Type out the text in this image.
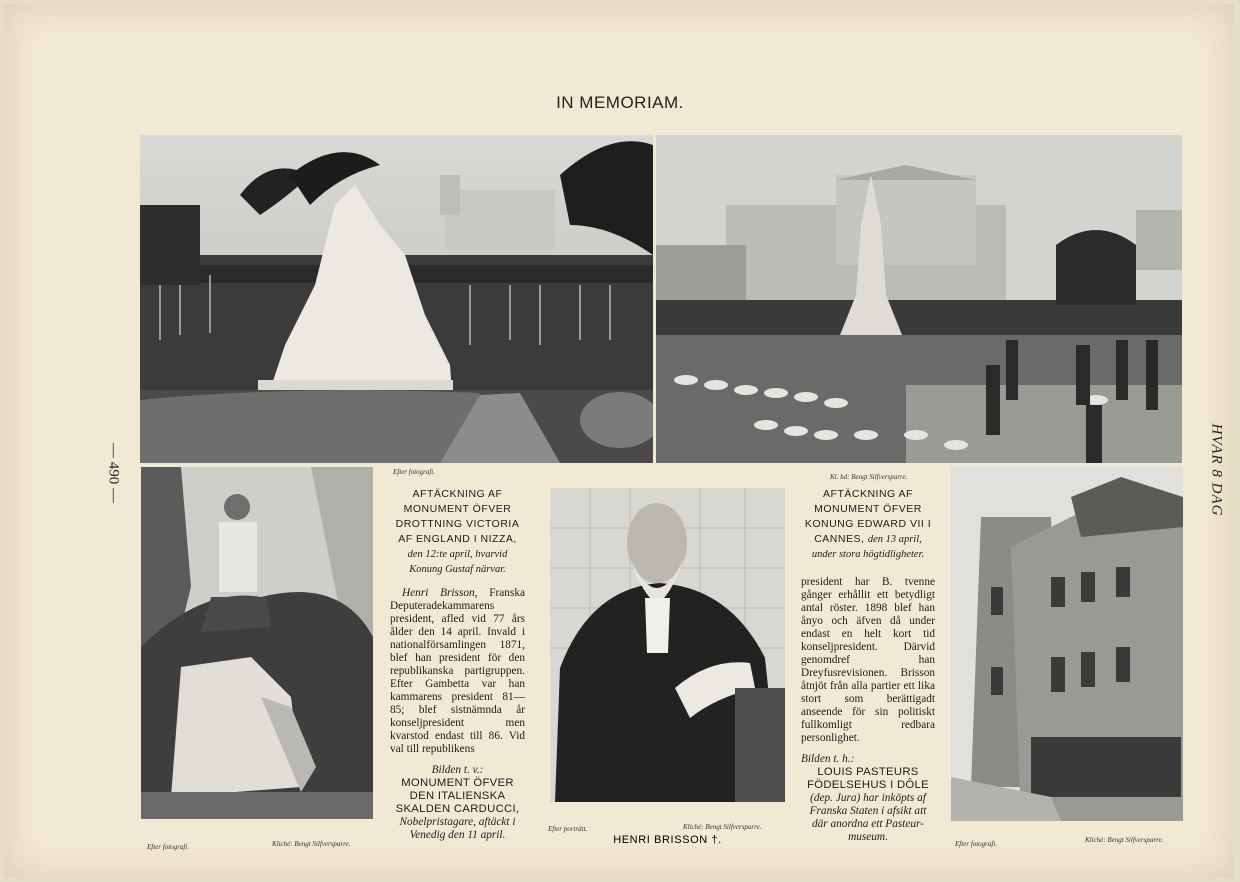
IN MEMORIAM.
— 490 —	HVAR 8 DAG
Efter fotografi.
Kl. bd: Bengt Silfversparre.
Efter fotografi.	Kliché: Bengt Silfversparre.
Efter porträtt.	Kliché: Bengt Silfversparre.
Efter fotografi.	Kliché: Bengt Silfversparre.
AFTÄCKNING AF MONUMENT ÖFVER DROTTNING VICTORIA AF ENGLAND I NIZZA, den 12:te april, hvarvid Konung Gustaf närvar.
Henri Brisson, Franska Deputeradekammarens president, afled vid 77 års ålder den 14 april. Invald i nationalförsamlingen 1871, blef han president för den republikanska partigruppen. Efter Gambetta var han kammarens president 81—85; blef sistnämnda år konseljpresident men kvarstod endast till 86. Vid val till republikens
Bilden t. v.:
MONUMENT ÖFVER DEN ITALIENSKA SKALDEN CARDUCCI,
Nobelpristagare, aftäckt i Venedig den 11 april.	HENRI BRISSON †.
AFTÄCKNING AF MONUMENT ÖFVER KONUNG EDWARD VII I CANNES, den 13 april, under stora högtidligheter.
president har B. tvenne gånger erhållit ett betydligt antal röster. 1898 blef han ånyo och äfven då under endast en helt kort tid konseljpresident. Därvid genomdref han Dreyfusrevisionen. Brisson åtnjöt från alla partier ett lika stort som berättigadt anseende för sin politiskt fullkomligt redbara personlighet.
Bilden t. h.:
LOUIS PASTEURS FÖDELSEHUS I DÔLE
(dep. Jura) har inköpts af Franska Staten i afsikt att där anordna ett Pasteur-museum.
